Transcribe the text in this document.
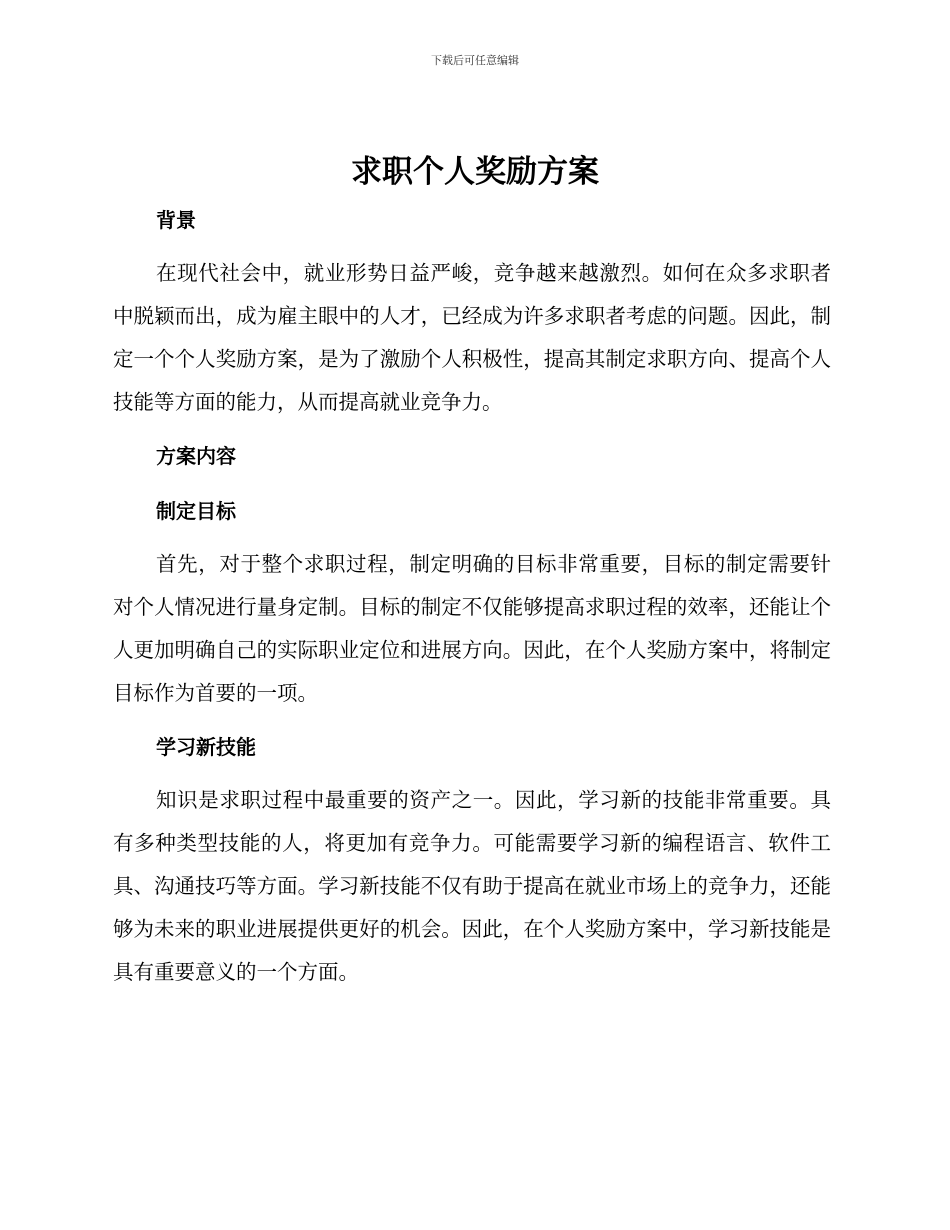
下载后可任意编辑
求职个人奖励方案
背景

在现代社会中，就业形势日益严峻，竞争越来越激烈。如何在众多求职者中脱颖而出，成为雇主眼中的人才，已经成为许多求职者考虑的问题。因此，制定一个个人奖励方案，是为了激励个人积极性，提高其制定求职方向、提高个人技能等方面的能力，从而提高就业竞争力。

方案内容
制定目标

首先，对于整个求职过程，制定明确的目标非常重要，目标的制定需要针对个人情况进行量身定制。目标的制定不仅能够提高求职过程的效率，还能让个人更加明确自己的实际职业定位和进展方向。因此，在个人奖励方案中，将制定目标作为首要的一项。

学习新技能

知识是求职过程中最重要的资产之一。因此，学习新的技能非常重要。具有多种类型技能的人，将更加有竞争力。可能需要学习新的编程语言、软件工具、沟通技巧等方面。学习新技能不仅有助于提高在就业市场上的竞争力，还能够为未来的职业进展提供更好的机会。因此，在个人奖励方案中，学习新技能是具有重要意义的一个方面。
